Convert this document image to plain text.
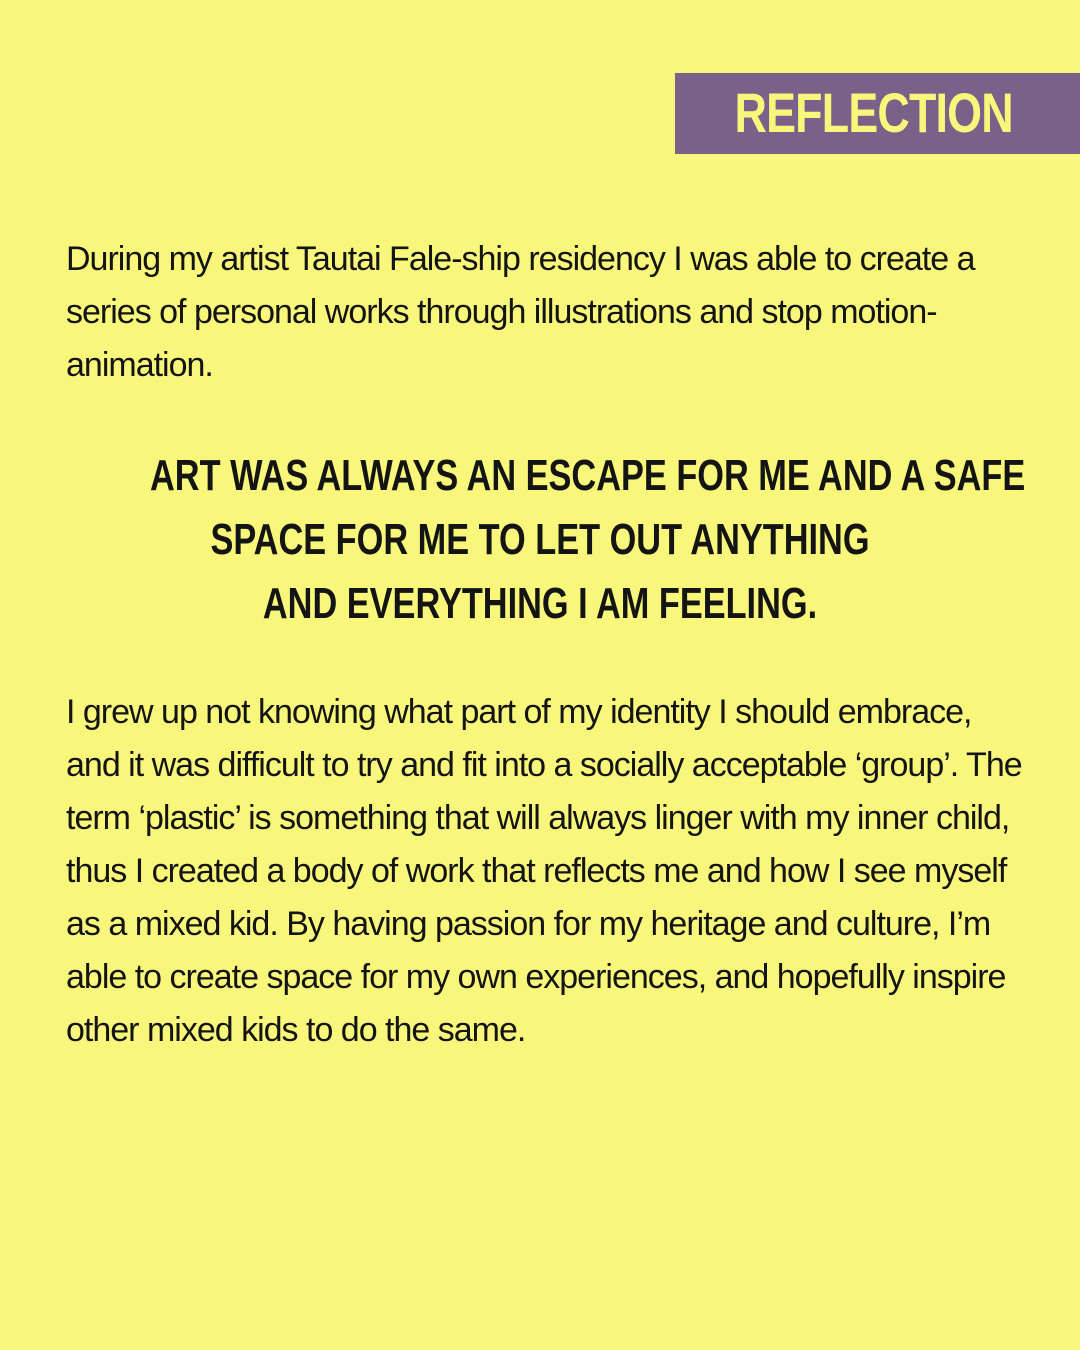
REFLECTION

During my artist Tautai Fale-ship residency I was able to create a series of personal works through illustrations and stop motion-animation.

ART WAS ALWAYS AN ESCAPE FOR ME AND A SAFE
SPACE FOR ME TO LET OUT ANYTHING
AND EVERYTHING I AM FEELING.

I grew up not knowing what part of my identity I should embrace, and it was difficult to try and fit into a socially acceptable ‘group’. The term ‘plastic’ is something that will always linger with my inner child, thus I created a body of work that reflects me and how I see myself as a mixed kid. By having passion for my heritage and culture, I’m able to create space for my own experiences, and hopefully inspire other mixed kids to do the same.
